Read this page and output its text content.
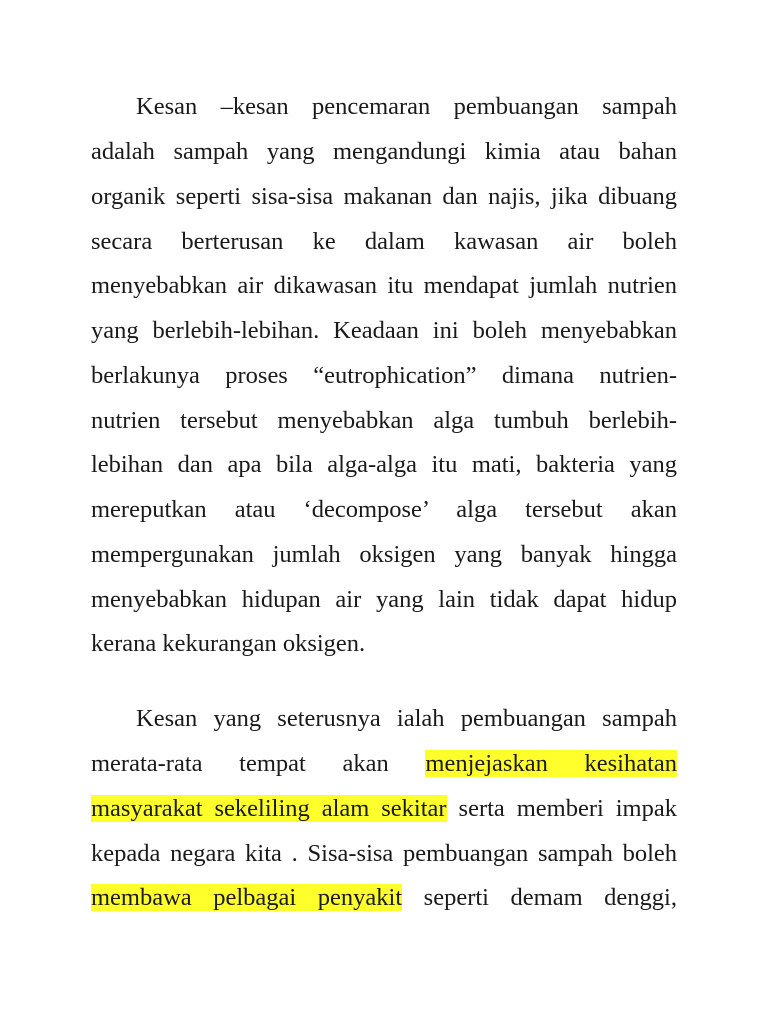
Kesan –kesan pencemaran pembuangan sampah
adalah sampah yang mengandungi kimia atau bahan
organik seperti sisa-sisa makanan dan najis, jika dibuang
secara berterusan ke dalam kawasan air boleh
menyebabkan air dikawasan itu mendapat jumlah nutrien
yang berlebih-lebihan. Keadaan ini boleh menyebabkan
berlakunya proses “eutrophication” dimana nutrien-
nutrien tersebut menyebabkan alga tumbuh berlebih-
lebihan dan apa bila alga-alga itu mati, bakteria yang
mereputkan atau ‘decompose’ alga tersebut akan
mempergunakan jumlah oksigen yang banyak hingga
menyebabkan hidupan air yang lain tidak dapat hidup
kerana kekurangan oksigen.
Kesan yang seterusnya ialah pembuangan sampah
merata-rata tempat akan menjejaskan kesihatan
masyarakat sekeliling alam sekitar serta memberi impak
kepada negara kita . Sisa-sisa pembuangan sampah boleh
membawa pelbagai penyakit seperti demam denggi,
